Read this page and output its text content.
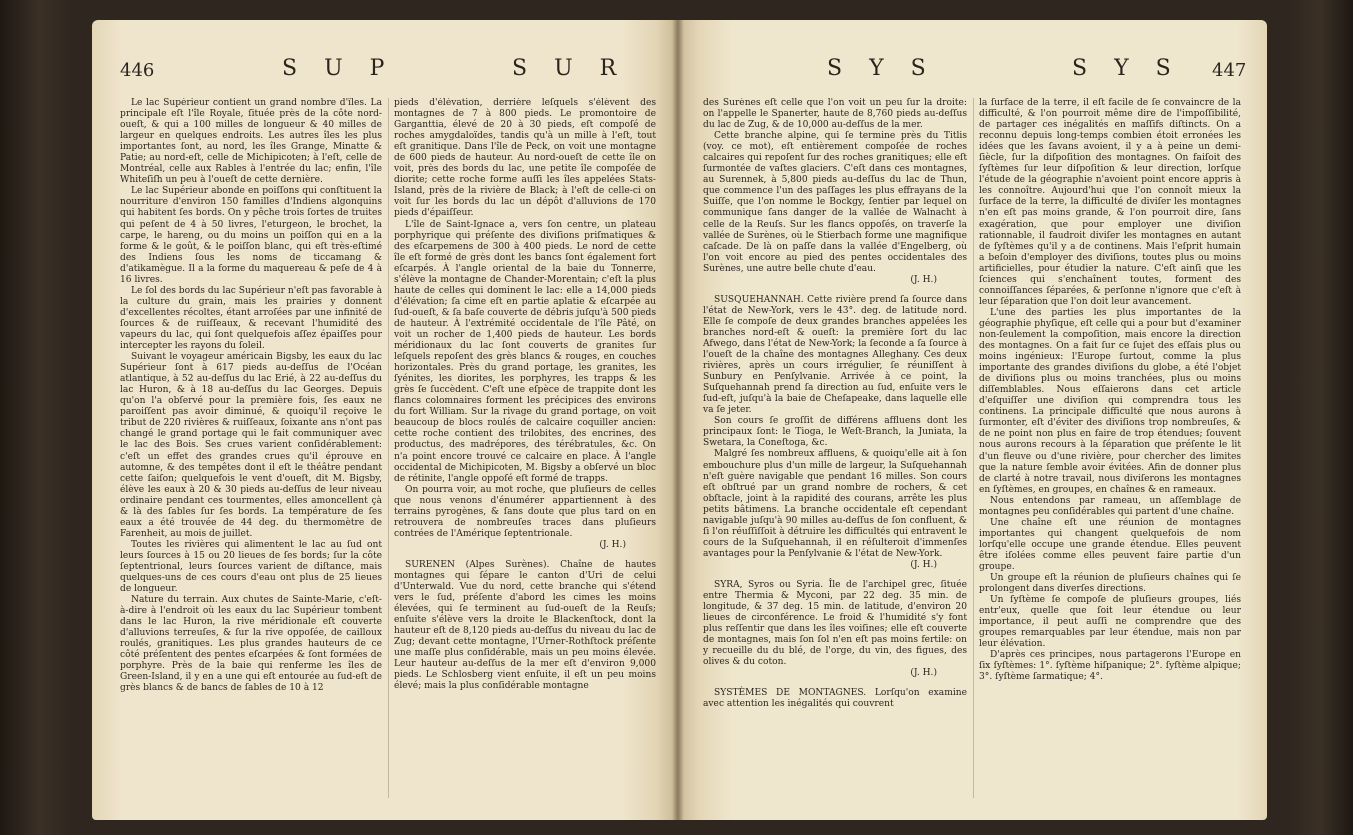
446	S U P	S U R

Le lac Supérieur contient un grand nombre d'îles. La principale eſt l'île Royale, ſituée près de la côte nord-oueſt, & qui a 100 milles de longueur & 40 milles de largeur en quelques endroits. Les autres îles les plus importantes ſont, au nord, les îles Grange, Minatte & Patie; au nord-eſt, celle de Michipicoten; à l'eſt, celle de Montréal, celle aux Rables à l'entrée du lac; enfin, l'île Whiteſiſh un peu à l'oueſt de cette dernière.

Le lac Supérieur abonde en poiſſons qui conſtituent la nourriture d'environ 150 familles d'Indiens algonquins qui habitent ſes bords. On y pêche trois ſortes de truites qui peſent de 4 à 50 livres, l'eturgeon, le brochet, la carpe, le hareng, ou du moins un poiſſon qui en a la forme & le goût, & le poiſſon blanc, qui eſt très-eſtimé des Indiens ſous les noms de ticcamang & d'atikamègue. Il a la forme du maquereau & peſe de 4 à 16 livres.

Le ſol des bords du lac Supérieur n'eſt pas favorable à la culture du grain, mais les prairies y donnent d'excellentes récoltes, étant arroſées par une infinité de ſources & de ruiſſeaux, & recevant l'humidité des vapeurs du lac, qui ſont quelquefois aſſez épaiſſes pour intercepter les rayons du ſoleil.

Suivant le voyageur américain Bigsby, les eaux du lac Supérieur ſont à 617 pieds au-deſſus de l'Océan atlantique, à 52 au-deſſus du lac Erié, à 22 au-deſſus du lac Huron, & à 18 au-deſſus du lac Georges. Depuis qu'on l'a obſervé pour la première fois, ſes eaux ne paroiſſent pas avoir diminué, & quoiqu'il reçoive le tribut de 220 rivières & ruiſſeaux, ſoixante ans n'ont pas changé le grand portage qui le fait communiquer avec le lac des Bois. Ses crues varient conſidérablement: c'eſt un effet des grandes crues qu'il éprouve en automne, & des tempêtes dont il eſt le théâtre pendant cette ſaiſon; quelquefois le vent d'oueſt, dit M. Bigsby, élève les eaux à 20 & 30 pieds au-deſſus de leur niveau ordinaire pendant ces tourmentes, elles amoncellent çà & là des ſables ſur ſes bords. La température de ſes eaux a été trouvée de 44 deg. du thermomètre de Farenheit, au mois de juillet.

Toutes les rivières qui alimentent le lac au ſud ont leurs ſources à 15 ou 20 lieues de ſes bords; ſur la côte ſeptentrional, leurs ſources varient de diſtance, mais quelques-uns de ces cours d'eau ont plus de 25 lieues de longueur.

Nature du terrain. Aux chutes de Sainte-Marie, c'eſt-à-dire à l'endroit où les eaux du lac Supérieur tombent dans le lac Huron, la rive méridionale eſt couverte d'alluvions terreuſes, & ſur la rive oppoſée, de cailloux roulés, granitiques. Les plus grandes hauteurs de ce côté préſentent des pentes eſcarpées & ſont formées de porphyre. Près de la baie qui renferme les îles de Green-Island, il y en a une qui eſt entourée au ſud-eſt de grès blancs & de bancs de ſables de 10 à 12

pieds d'élévation, derrière leſquels s'élèvent des montagnes de 7 à 800 pieds. Le promontoire de Garganttia, élevé de 20 à 30 pieds, eſt compoſé de roches amygdaloïdes, tandis qu'à un mille à l'eſt, tout eſt granitique. Dans l'île de Peck, on voit une montagne de 600 pieds de hauteur. Au nord-oueſt de cette île on voit, près des bords du lac, une petite île compoſée de diorite; cette roche forme auſſi les îles appelées Stats-Island, près de la rivière de Black; à l'eſt de celle-ci on voit ſur les bords du lac un dépôt d'alluvions de 170 pieds d'épaiſſeur.

L'île de Saint-Ignace a, vers ſon centre, un plateau porphyrique qui préſente des diviſions priſmatiques & des eſcarpemens de 300 à 400 pieds. Le nord de cette île eſt formé de grès dont les bancs ſont également fort eſcarpés. À l'angle oriental de la baie du Tonnerre, s'élève la montagne de Chander-Morentain; c'eſt la plus haute de celles qui dominent le lac: elle a 14,000 pieds d'élévation; ſa cime eſt en partie aplatie & eſcarpée au ſud-oueſt, & ſa baſe couverte de débris juſqu'à 500 pieds de hauteur. À l'extrémité occidentale de l'île Pâté, on voit un rocher de 1,400 pieds de hauteur. Les bords méridionaux du lac ſont couverts de granites ſur leſquels repoſent des grès blancs & rouges, en couches horizontales. Près du grand portage, les granites, les ſyénites, les diorites, les porphyres, les trapps & les grès ſe ſuccèdent. C'eſt une eſpèce de trappite dont les flancs colomnaires forment les précipices des environs du fort William. Sur la rivage du grand portage, on voit beaucoup de blocs roulés de calcaire coquiller ancien: cette roche contient des trilobites, des encrines, des productus, des madrépores, des térébratules, &c. On n'a point encore trouvé ce calcaire en place. À l'angle occidental de Michipicoten, M. Bigsby a obſervé un bloc de rétinite, l'angle oppoſé eſt formé de trapps.

On pourra voir, au mot roche, que pluſieurs de celles que nous venons d'énumérer appartiennent à des terrains pyrogènes, & ſans doute que plus tard on en retrouvera de nombreuſes traces dans pluſieurs contrées de l'Amérique ſeptentrionale.

(J. H.)

SURENEN (Alpes Surènes). Chaîne de hautes montagnes qui ſépare le canton d'Uri de celui d'Unterwald. Vue du nord, cette branche qui s'étend vers le ſud, préſente d'abord les cimes les moins élevées, qui ſe terminent au ſud-oueſt de la Reuſs; enſuite s'élève vers la droite le Blackenſtock, dont la hauteur eſt de 8,120 pieds au-deſſus du niveau du lac de Zug; devant cette montagne, l'Urner-Rothſtock préſente une maſſe plus conſidérable, mais un peu moins élevée. Leur hauteur au-deſſus de la mer eſt d'environ 9,000 pieds. Le Schlosberg vient enſuite, il eſt un peu moins élevé; mais la plus conſidérable montagne

S Y S	S Y S 447

des Surènes eſt celle que l'on voit un peu ſur la droite: on l'appelle le Spanerter, haute de 8,760 pieds au-deſſus du lac de Zug, & de 10,000 au-deſſus de la mer.

Cette branche alpine, qui ſe termine près du Titlis (voy. ce mot), eſt entièrement compoſée de roches calcaires qui repoſent ſur des roches granitiques; elle eſt ſurmontée de vaſtes glaciers. C'eſt dans ces montagnes, au Surennek, à 5,800 pieds au-deſſus du lac de Thun, que commence l'un des paſſages les plus effrayans de la Suiſſe, que l'on nomme le Bockgy, ſentier par lequel on communique ſans danger de la vallée de Walnacht à celle de la Reuſs. Sur les flancs oppoſés, on traverſe la vallée de Surènes, où le Stierbach forme une magnifique caſcade. De là on paſſe dans la vallée d'Engelberg, où l'on voit encore au pied des pentes occidentales des Surènes, une autre belle chute d'eau.

(J. H.)

SUSQUEHANNAH. Cette rivière prend ſa ſource dans l'état de New-York, vers le 43°. deg. de latitude nord. Elle ſe compoſe de deux grandes branches appelées les branches nord-eſt & oueſt: la première ſort du lac Afwego, dans l'état de New-York; la ſeconde a ſa ſource à l'oueſt de la chaîne des montagnes Alleghany. Ces deux rivières, après un cours irrégulier, ſe réuniſſent à Sunbury en Penſylvanie. Arrivée à ce point, la Suſquehannah prend ſa direction au ſud, enſuite vers le ſud-eſt, juſqu'à la baie de Cheſapeake, dans laquelle elle va ſe jeter.

Son cours ſe groſſit de différens affluens dont les principaux ſont: le Tioga, le Weſt-Branch, la Juniata, la Swetara, la Coneſtoga, &c.

Malgré ſes nombreux affluens, & quoiqu'elle ait à ſon embouchure plus d'un mille de largeur, la Suſquehannah n'eſt guère navigable que pendant 16 milles. Son cours eſt obſtrué par un grand nombre de rochers, & cet obſtacle, joint à la rapidité des courans, arrête les plus petits bâtimens. La branche occidentale eſt cependant navigable juſqu'à 90 milles au-deſſus de ſon confluent, & ſi l'on réuſſiſſoit à détruire les difficultés qui entravent le cours de la Suſquehannah, il en réſulteroit d'immenſes avantages pour la Penſylvanie & l'état de New-York.

(J. H.)

SYRA, Syros ou Syria. Île de l'archipel grec, ſituée entre Thermia & Myconi, par 22 deg. 35 min. de longitude, & 37 deg. 15 min. de latitude, d'environ 20 lieues de circonférence. Le froid & l'humidité s'y font plus reſſentir que dans les îles voiſines; elle eſt couverte de montagnes, mais ſon ſol n'en eſt pas moins fertile: on y recueille du du blé, de l'orge, du vin, des figues, des olives & du coton.

(J. H.)

SYSTÈMES DE MONTAGNES. Lorſqu'on examine avec attention les inégalités qui couvrent

la ſurface de la terre, il eſt facile de ſe convaincre de la difficulté, & l'on pourroit même dire de l'impoſſibilité, de partager ces inégalités en maſſifs diſtincts. On a reconnu depuis long-temps combien étoit erronées les idées que les ſavans avoient, il y a à peine un demi-ſiècle, ſur la diſpoſition des montagnes. On faiſoit des ſyſtèmes ſur leur diſpoſition & leur direction, lorſque l'étude de la géographie n'avoient point encore appris à les connoître. Aujourd'hui que l'on connoît mieux la ſurface de la terre, la difficulté de diviſer les montagnes n'en eſt pas moins grande, & l'on pourroit dire, ſans exagération, que pour employer une diviſion rationnable, il faudroit diviſer les montagnes en autant de ſyſtèmes qu'il y a de continens. Mais l'eſprit humain a beſoin d'employer des diviſions, toutes plus ou moins artificielles, pour étudier la nature. C'eſt ainſi que les ſciences qui s'enchaînent toutes, forment des connoiſſances ſéparées, & perſonne n'ignore que c'eſt à leur ſéparation que l'on doit leur avancement.

L'une des parties les plus importantes de la géographie phyſique, eſt celle qui a pour but d'examiner non-ſeulement la compoſition, mais encore la direction des montagnes. On a fait ſur ce ſujet des eſſais plus ou moins ingénieux: l'Europe ſurtout, comme la plus importante des grandes diviſions du globe, a été l'objet de diviſions plus ou moins tranchées, plus ou moins diſſemblables. Nous eſſaierons dans cet article d'eſquiſſer une diviſion qui comprendra tous les continens. La principale difficulté que nous aurons à ſurmonter, eſt d'éviter des diviſions trop nombreuſes, & de ne point non plus en faire de trop étendues; ſouvent nous aurons recours à la ſéparation que préſente le lit d'un fleuve ou d'une rivière, pour chercher des limites que la nature ſemble avoir évitées. Afin de donner plus de clarté à notre travail, nous diviſerons les montagnes en ſyſtèmes, en groupes, en chaînes & en rameaux.

Nous entendons par rameau, un aſſemblage de montagnes peu conſidérables qui partent d'une chaîne.

Une chaîne eſt une réunion de montagnes importantes qui changent quelquefois de nom lorſqu'elle occupe une grande étendue. Elles peuvent être iſolées comme elles peuvent faire partie d'un groupe.

Un groupe eſt la réunion de pluſieurs chaînes qui ſe prolongent dans diverſes directions.

Un ſyſtème ſe compoſe de pluſieurs groupes, liés entr'eux, quelle que ſoit leur étendue ou leur importance, il peut auſſi ne comprendre que des groupes remarquables par leur étendue, mais non par leur élévation.

D'après ces principes, nous partagerons l'Europe en ſix ſyſtèmes: 1°. ſyſtème hiſpanique; 2°. ſyſtème alpique; 3°. ſyſtème ſarmatique; 4°.
